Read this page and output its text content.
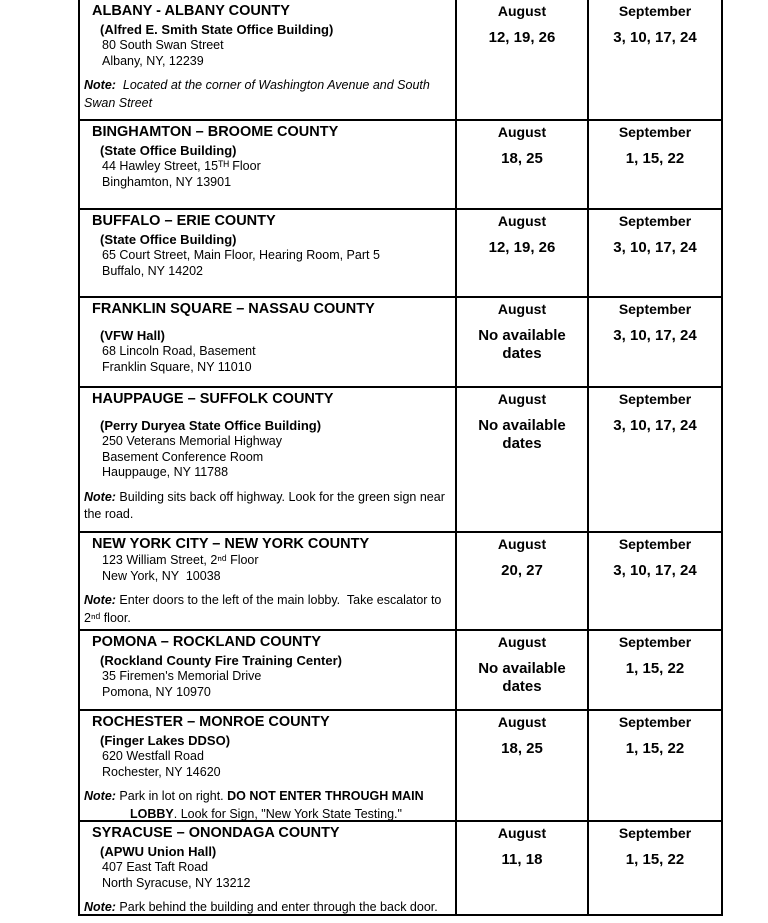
ALBANY - ALBANY COUNTY
(Alfred E. Smith State Office Building)
80 South Swan Street
Albany, NY, 12239
Note:  Located at the corner of Washington Avenue and South Swan Street
August
12, 19, 26
September
3, 10, 17, 24
BINGHAMTON – BROOME COUNTY
(State Office Building)
44 Hawley Street, 15ᵀᴴ Floor
Binghamton, NY 13901
August
18, 25
September
1, 15, 22
BUFFALO – ERIE COUNTY
(State Office Building)
65 Court Street, Main Floor, Hearing Room, Part 5
Buffalo, NY 14202
August
12, 19, 26
September
3, 10, 17, 24
FRANKLIN SQUARE – NASSAU COUNTY
(VFW Hall)
68 Lincoln Road, Basement
Franklin Square, NY 11010
August
No available dates
September
3, 10, 17, 24
HAUPPAUGE – SUFFOLK COUNTY
(Perry Duryea State Office Building)
250 Veterans Memorial Highway
Basement Conference Room
Hauppauge, NY 11788
Note: Building sits back off highway. Look for the green sign near the road.
August
No available dates
September
3, 10, 17, 24
NEW YORK CITY – NEW YORK COUNTY
123 William Street, 2ⁿᵈ Floor
New York, NY  10038
Note: Enter doors to the left of the main lobby.  Take escalator to 2ⁿᵈ floor.
August
20, 27
September
3, 10, 17, 24
POMONA – ROCKLAND COUNTY
(Rockland County Fire Training Center)
35 Firemen's Memorial Drive
Pomona, NY 10970
August
No available dates
September
1, 15, 22
ROCHESTER – MONROE COUNTY
(Finger Lakes DDSO)
620 Westfall Road
Rochester, NY 14620
Note: Park in lot on right. DO NOT ENTER THROUGH MAIN LOBBY. Look for Sign, "New York State Testing."
August
18, 25
September
1, 15, 22
SYRACUSE – ONONDAGA COUNTY
(APWU Union Hall)
407 East Taft Road
North Syracuse, NY 13212
Note: Park behind the building and enter through the back door.
August
11, 18
September
1, 15, 22
